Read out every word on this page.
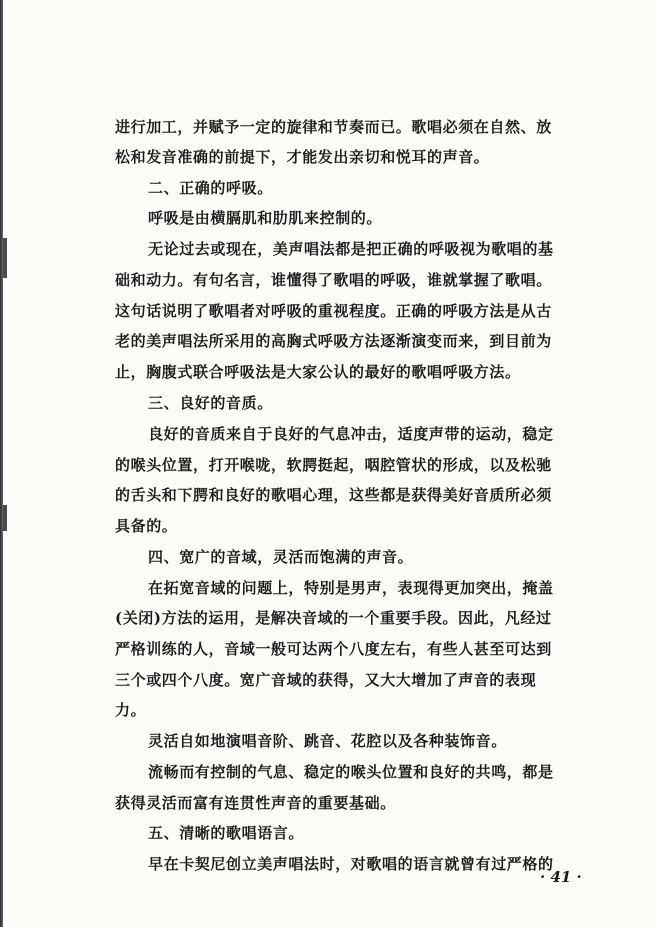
进行加工，并赋予一定的旋律和节奏而已。歌唱必须在自然、放
松和发音准确的前提下，才能发出亲切和悦耳的声音。
二、正确的呼吸。
呼吸是由横膈肌和肋肌来控制的。
无论过去或现在，美声唱法都是把正确的呼吸视为歌唱的基
础和动力。有句名言，谁懂得了歌唱的呼吸，谁就掌握了歌唱。
这句话说明了歌唱者对呼吸的重视程度。正确的呼吸方法是从古
老的美声唱法所采用的高胸式呼吸方法逐渐演变而来，到目前为
止，胸腹式联合呼吸法是大家公认的最好的歌唱呼吸方法。
三、良好的音质。
良好的音质来自于良好的气息冲击，适度声带的运动，稳定
的喉头位置，打开喉咙，软腭挺起，咽腔管状的形成，以及松驰
的舌头和下腭和良好的歌唱心理，这些都是获得美好音质所必须
具备的。
四、宽广的音域，灵活而饱满的声音。
在拓宽音域的问题上，特别是男声，表现得更加突出，掩盖
(关闭)方法的运用，是解决音域的一个重要手段。因此，凡经过
严格训练的人，音域一般可达两个八度左右，有些人甚至可达到
三个或四个八度。宽广音域的获得，又大大增加了声音的表现
力。
灵活自如地演唱音阶、跳音、花腔以及各种装饰音。
流畅而有控制的气息、稳定的喉头位置和良好的共鸣，都是
获得灵活而富有连贯性声音的重要基础。
五、清晰的歌唱语言。
早在卡契尼创立美声唱法时，对歌唱的语言就曾有过严格的
· 41 ·
